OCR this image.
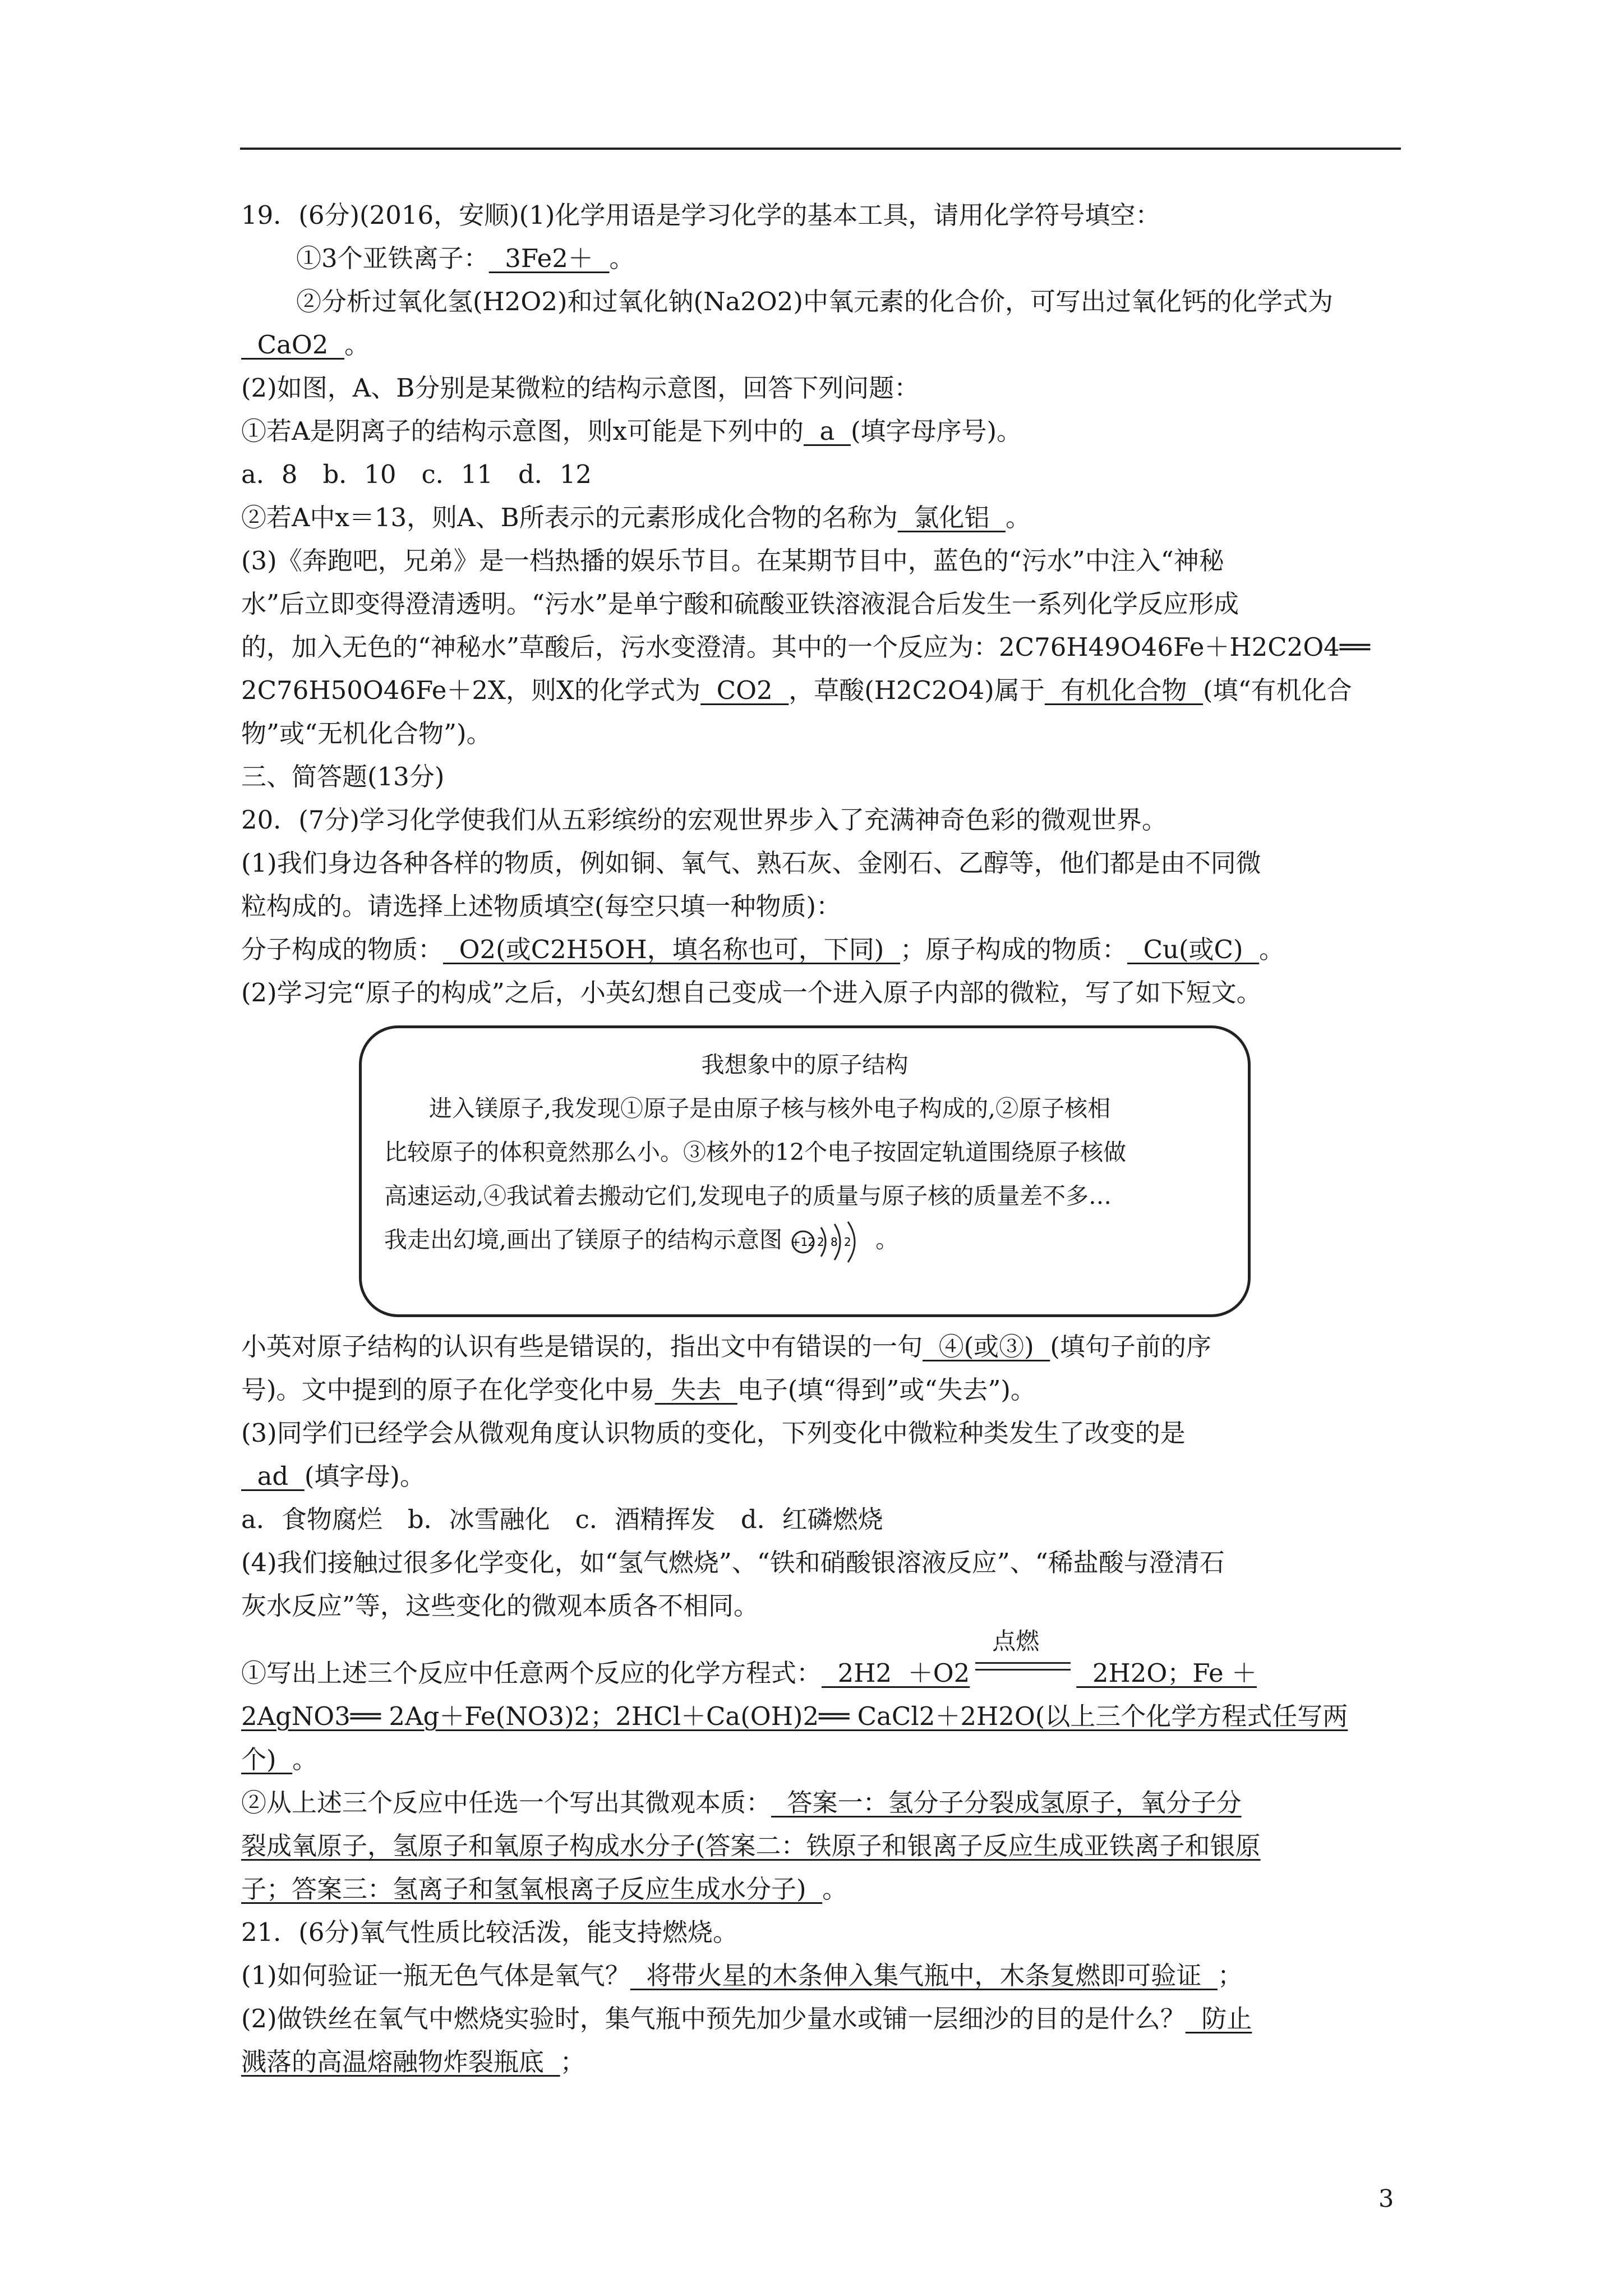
19．(6分)(2016，安顺)(1)化学用语是学习化学的基本工具，请用化学符号填空：
①3个亚铁离子：  3Fe2＋  。
②分析过氧化氢(H2O2)和过氧化钠(Na2O2)中氧元素的化合价，可写出过氧化钙的化学式为
CaO2  。
(2)如图，A、B分别是某微粒的结构示意图，回答下列问题：
①若A是阴离子的结构示意图，则x可能是下列中的  a  (填字母序号)。
a．8　b．10　c．11　d．12
②若A中x＝13，则A、B所表示的元素形成化合物的名称为  氯化铝  。
(3)《奔跑吧，兄弟》是一档热播的娱乐节目。在某期节目中，蓝色的“污水”中注入“神秘
水”后立即变得澄清透明。“污水”是单宁酸和硫酸亚铁溶液混合后发生一系列化学反应形成
的，加入无色的“神秘水”草酸后，污水变澄清。其中的一个反应为：2C76H49O46Fe＋H2C2O4══
2C76H50O46Fe＋2X，则X的化学式为  CO2  ，草酸(H2C2O4)属于  有机化合物  (填“有机化合
物”或“无机化合物”)。
三、简答题(13分)
20．(7分)学习化学使我们从五彩缤纷的宏观世界步入了充满神奇色彩的微观世界。
(1)我们身边各种各样的物质，例如铜、氧气、熟石灰、金刚石、乙醇等，他们都是由不同微
粒构成的。请选择上述物质填空(每空只填一种物质)：
分子构成的物质：  O2(或C2H5OH，填名称也可，下同)  ；原子构成的物质：  Cu(或C)  。
(2)学习完“原子的构成”之后，小英幻想自己变成一个进入原子内部的微粒，写了如下短文。
我想象中的原子结构
进入镁原子,我发现①原子是由原子核与核外电子构成的,②原子核相
比较原子的体积竟然那么小。③核外的12个电子按固定轨道围绕原子核做
高速运动,④我试着去搬动它们,发现电子的质量与原子核的质量差不多…
我走出幻境,画出了镁原子的结构示意图 +12 2 8 2 。
小英对原子结构的认识有些是错误的，指出文中有错误的一句  ④(或③)  (填句子前的序
号)。文中提到的原子在化学变化中易  失去  电子(填“得到”或“失去”)。
(3)同学们已经学会从微观角度认识物质的变化，下列变化中微粒种类发生了改变的是
ad  (填字母)。
a．食物腐烂　b．冰雪融化　c．酒精挥发　d．红磷燃烧
(4)我们接触过很多化学变化，如“氢气燃烧”、“铁和硝酸银溶液反应”、“稀盐酸与澄清石
灰水反应”等，这些变化的微观本质各不相同。
①写出上述三个反应中任意两个反应的化学方程式： 2H2  ＋O2
点燃
2H2O；Fe ＋
2AgNO3══ 2Ag＋Fe(NO3)2；2HCl＋Ca(OH)2══ CaCl2＋2H2O(以上三个化学方程式任写两
个)  。
②从上述三个反应中任选一个写出其微观本质：  答案一：氢分子分裂成氢原子，氧分子分
裂成氧原子，氢原子和氧原子构成水分子(答案二：铁原子和银离子反应生成亚铁离子和银原
子；答案三：氢离子和氢氧根离子反应生成水分子)  。
21．(6分)氧气性质比较活泼，能支持燃烧。
(1)如何验证一瓶无色气体是氧气？  将带火星的木条伸入集气瓶中，木条复燃即可验证  ；
(2)做铁丝在氧气中燃烧实验时，集气瓶中预先加少量水或铺一层细沙的目的是什么？  防止
溅落的高温熔融物炸裂瓶底  ；
3
